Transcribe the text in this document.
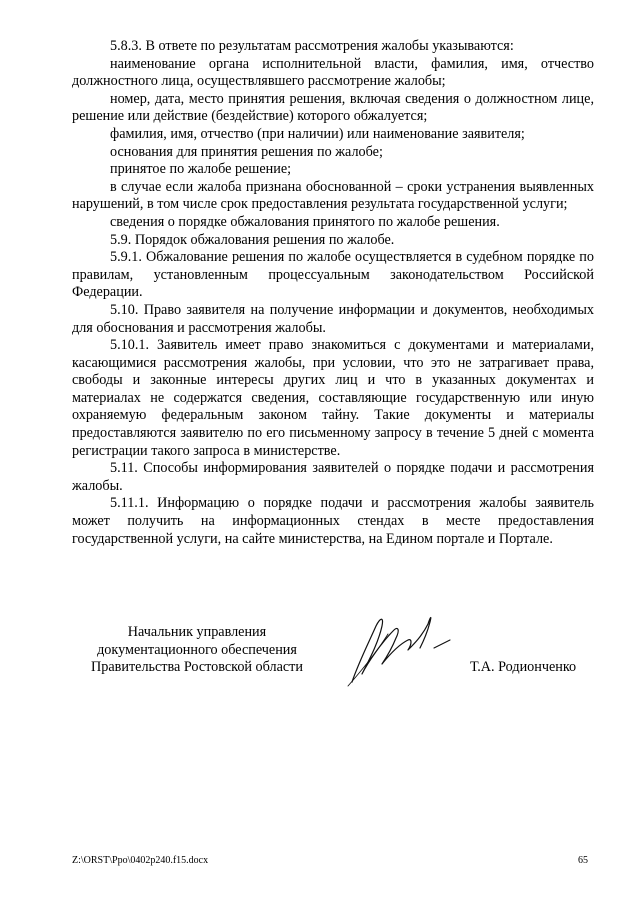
5.8.3. В ответе по результатам рассмотрения жалобы указываются:

наименование органа исполнительной власти, фамилия, имя, отчество должностного лица, осуществлявшего рассмотрение жалобы;

номер, дата, место принятия решения, включая сведения о должностном лице, решение или действие (бездействие) которого обжалуется;

фамилия, имя, отчество (при наличии) или наименование заявителя;

основания для принятия решения по жалобе;

принятое по жалобе решение;

в случае если жалоба признана обоснованной – сроки устранения выявленных нарушений, в том числе срок предоставления результата государственной услуги;

сведения о порядке обжалования принятого по жалобе решения.

5.9. Порядок обжалования решения по жалобе.

5.9.1. Обжалование решения по жалобе осуществляется в судебном порядке по правилам, установленным процессуальным законодательством Российской Федерации.

5.10. Право заявителя на получение информации и документов, необходимых для обоснования и рассмотрения жалобы.

5.10.1. Заявитель имеет право знакомиться с документами и материалами, касающимися рассмотрения жалобы, при условии, что это не затрагивает права, свободы и законные интересы других лиц и что в указанных документах и материалах не содержатся сведения, составляющие государственную или иную охраняемую федеральным законом тайну. Такие документы и материалы предоставляются заявителю по его письменному запросу в течение 5 дней с момента регистрации такого запроса в министерстве.

5.11. Способы информирования заявителей о порядке подачи и рассмотрения жалобы.

5.11.1. Информацию о порядке подачи и рассмотрения жалобы заявитель может получить на информационных стендах в месте предоставления государственной услуги, на сайте министерства, на Едином портале и Портале.

Начальник управления
документационного обеспечения
Правительства Ростовской области	Т.А. Родионченко
Z:\ORST\Ppo\0402p240.f15.docx	65
